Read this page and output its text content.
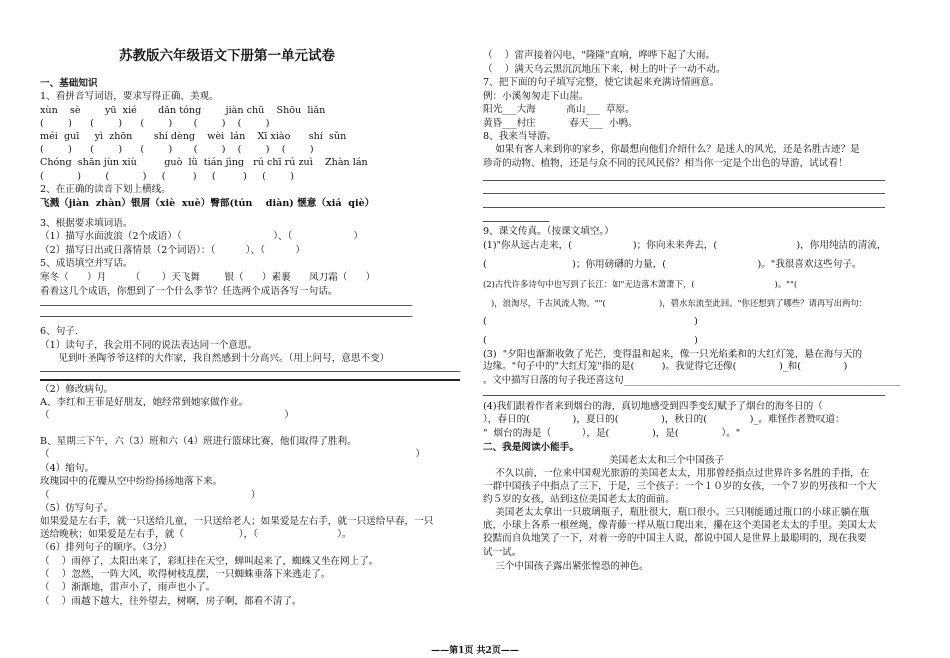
苏教版六年级语文下册第一单元试卷
一、基础知识
1、看拼音写词语，要求写得正确、美观。
xùn    sè        yū  xié       dǎn tóng        jiàn chū    Shōu  liǎn
(        )      (        )      (        )       (        )    (        )
méi  guī     yì  zhōn       shí dèng    wèi  lán    Xī xiào      shí  sǔn
(        )      (        )      (        )       (        )    (        )    (        )
Chóng  shān jùn xiù         guò  lǜ  tián jìng   rú chī rú zuì    Zhàn lán
(           )        (           )     (         )     (         )     (        )
2、在正确的读音下划上横线。
飞溅（jiàn  zhàn）银屑（xiè  xuè）臀部(tún    diàn) 惬意（xiá  qiè）
3、根据要求填词语。
（1）描写水面波浪（2个成语）（                              ）、（                    ）
（2）描写日出或日落情景（2个词语）：（          ）、（          ）
5、成语填空并写话。
寒冬（      ）月        （       ）天飞舞        银（      ）素裹      凤刀霜（      ）
看着这几个成语，你想到了一个什么季节？任选两个成语各写一句话。
6、句子.
（1）读句子，我会用不同的说法表达同一个意思。
见到叶圣陶爷爷这样的大作家，我自然感到十分高兴。（用上问号，意思不变）
（2）修改病句。
A、李红和王菲是好朋友，她经常到她家做作业。
（                                                                             ）
B、星期三下午，六（3）班和六（4）班进行篮球比赛，他们取得了胜利。
（                                                                                                                        ）
（4）缩句。
玫瑰园中的花瓣从空中纷纷扬扬地落下来。
（                                                                  ）
（5）仿写句子。
如果爱是左右手，就一只送给儿童，一只送给老人；如果爱是左右手，就一只送给早春，一只
送给晚秋；如果爱是左右手，就（                  ），（                          ）。
（6）排列句子的顺序。（3分）
（    ）雨停了，太阳出来了，彩虹挂在天空，蝉叫起来了，蜘蛛又坐在网上了。
（    ）忽然，一阵大风，吹得树枝乱摆，一只蜘蛛垂落下来逃走了。
（    ）渐渐地，雷声小了，雨声也小了。
（    ）雨越下越大，往外望去，树啊，房子啊，都看不清了。
（    ）雷声接着闪电，"隆隆"直响，哗哗下起了大雨。
（    ）满天乌云黑沉沉地压下来，树上的叶子一动不动。
7、把下面的句子填写完整，使它读起来充满诗情画意。
例：小溪匆匆走下山崖。
阳光___大海          高山___  草原。
黄昏___村庄           春天___  小鸭。
8、我来当导游。
如果有客人来到你的家乡，你最想向他们介绍什么？是迷人的风光，还是名胜古迹？是
珍奇的动物、植物，还是与众不同的民风民俗？相当你一定是个出色的导游，试试看！
9、课文传真。（按课文填空。）
(1)"你从远古走来，(                    )；你向未来奔去，(                          )，你用纯洁的清流，
(                            )；你用磅礴的力量，(                              )。"我很喜欢这些句子。
(2)古代许多诗句中也写到了长江：如"无边落木萧萧下，(                              )。""(
)，浪淘尽，千古风流人物。""(                    )，碧水东流至此回。"你还想到了哪些？请再写出两句：
(                                                                    )
(                                                                    )
(3)  "夕阳也渐渐收敛了光芒，变得温和起来，像一只光焰柔和的大红灯笼，悬在海与天的
边缘。"句子中的"大红灯笼"指的是(         )。我觉得它还像(              )_和(              )
。文中描写日落的句子我还喜这句___________________________________________________________
(4)我们跟着作者来到烟台的海，真切地感受到四季变幻赋予了烟台的海冬日的（
），春日的(              )，夏日的(              )，秋日的(              )_。难怪作者赞叹道：
"  烟台的海是（          ），是(              )，是(              ）。"
二、我是阅读小能手。
美国老太太和三个中国孩子
不久以前，一位来中国观光旅游的美国老太太，用那曾经指点过世界许多名胜的手指，在
一群中国孩子中指点了三下，于是，三个孩子：一个１０岁的女孩，一个７岁的男孩和一个大
约５岁的女孩，站到这位美国老太太的面前。
美国老太太拿出一只玻璃瓶子，瓶肚很大，瓶口很小。三只刚能通过瓶口的小球正躺在瓶
底，小球上各系一根丝绳，像青藤一样从瓶口爬出来，攥在这个美国老太太的手里。美国太太
狡黠而自负地笑了一下，对着一旁的中国主人说，都说中国人是世界上最聪明的，现在我要
试一试。
三个中国孩子露出紧张惶恐的神色。
——第1页 共2页——
